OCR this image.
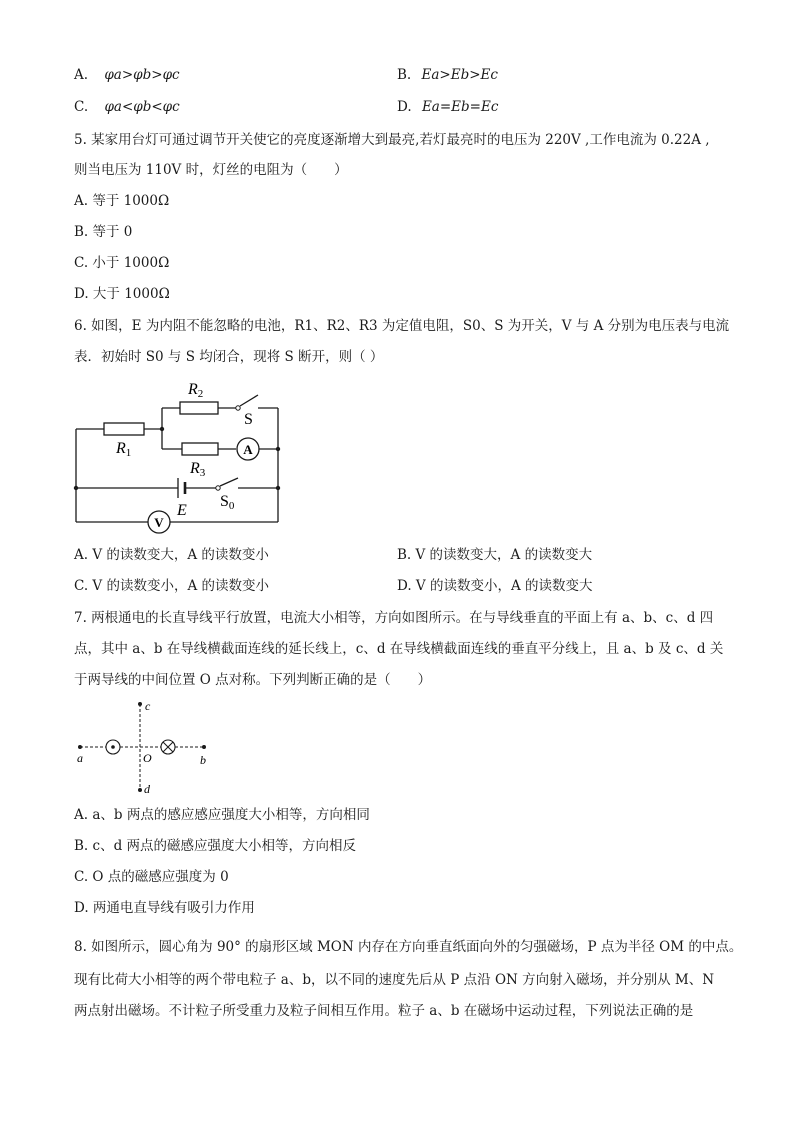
A. φa>φb>φc	B. Ea>Eb>Ec
C. φa<φb<φc	D. Ea=Eb=Ec
5. 某家用台灯可通过调节开关使它的亮度逐渐增大到最亮,若灯最亮时的电压为 220V ,工作电流为 0.22A ,
则当电压为 110V 时，灯丝的电阻为（　　）
A. 等于 1000Ω
B. 等于 0
C. 小于 1000Ω
D. 大于 1000Ω
6. 如图，E 为内阻不能忽略的电池，R1、R2、R3 为定值电阻，S0、S 为开关，V 与 A 分别为电压表与电流
表．初始时 S0 与 S 均闭合，现将 S 断开，则（ ）
R1
R2
R3
S
S0
E
A
V
A. V 的读数变大，A 的读数变小	B. V 的读数变大，A 的读数变大
C. V 的读数变小，A 的读数变小	D. V 的读数变小，A 的读数变大
7. 两根通电的长直导线平行放置，电流大小相等，方向如图所示。在与导线垂直的平面上有 a、b、c、d 四
点，其中 a、b 在导线横截面连线的延长线上，c、d 在导线横截面连线的垂直平分线上，且 a、b 及 c、d 关
于两导线的中间位置 O 点对称。下列判断正确的是（　　）
a	b
c
d
O
A. a、b 两点的感应感应强度大小相等，方向相同
B. c、d 两点的磁感应强度大小相等，方向相反
C. O 点的磁感应强度为 0
D. 两通电直导线有吸引力作用
8. 如图所示，圆心角为 90° 的扇形区域 MON 内存在方向垂直纸面向外的匀强磁场，P 点为半径 OM 的中点。
现有比荷大小相等的两个带电粒子 a、b，以不同的速度先后从 P 点沿 ON 方向射入磁场，并分别从 M、N
两点射出磁场。不计粒子所受重力及粒子间相互作用。粒子 a、b 在磁场中运动过程，下列说法正确的是
